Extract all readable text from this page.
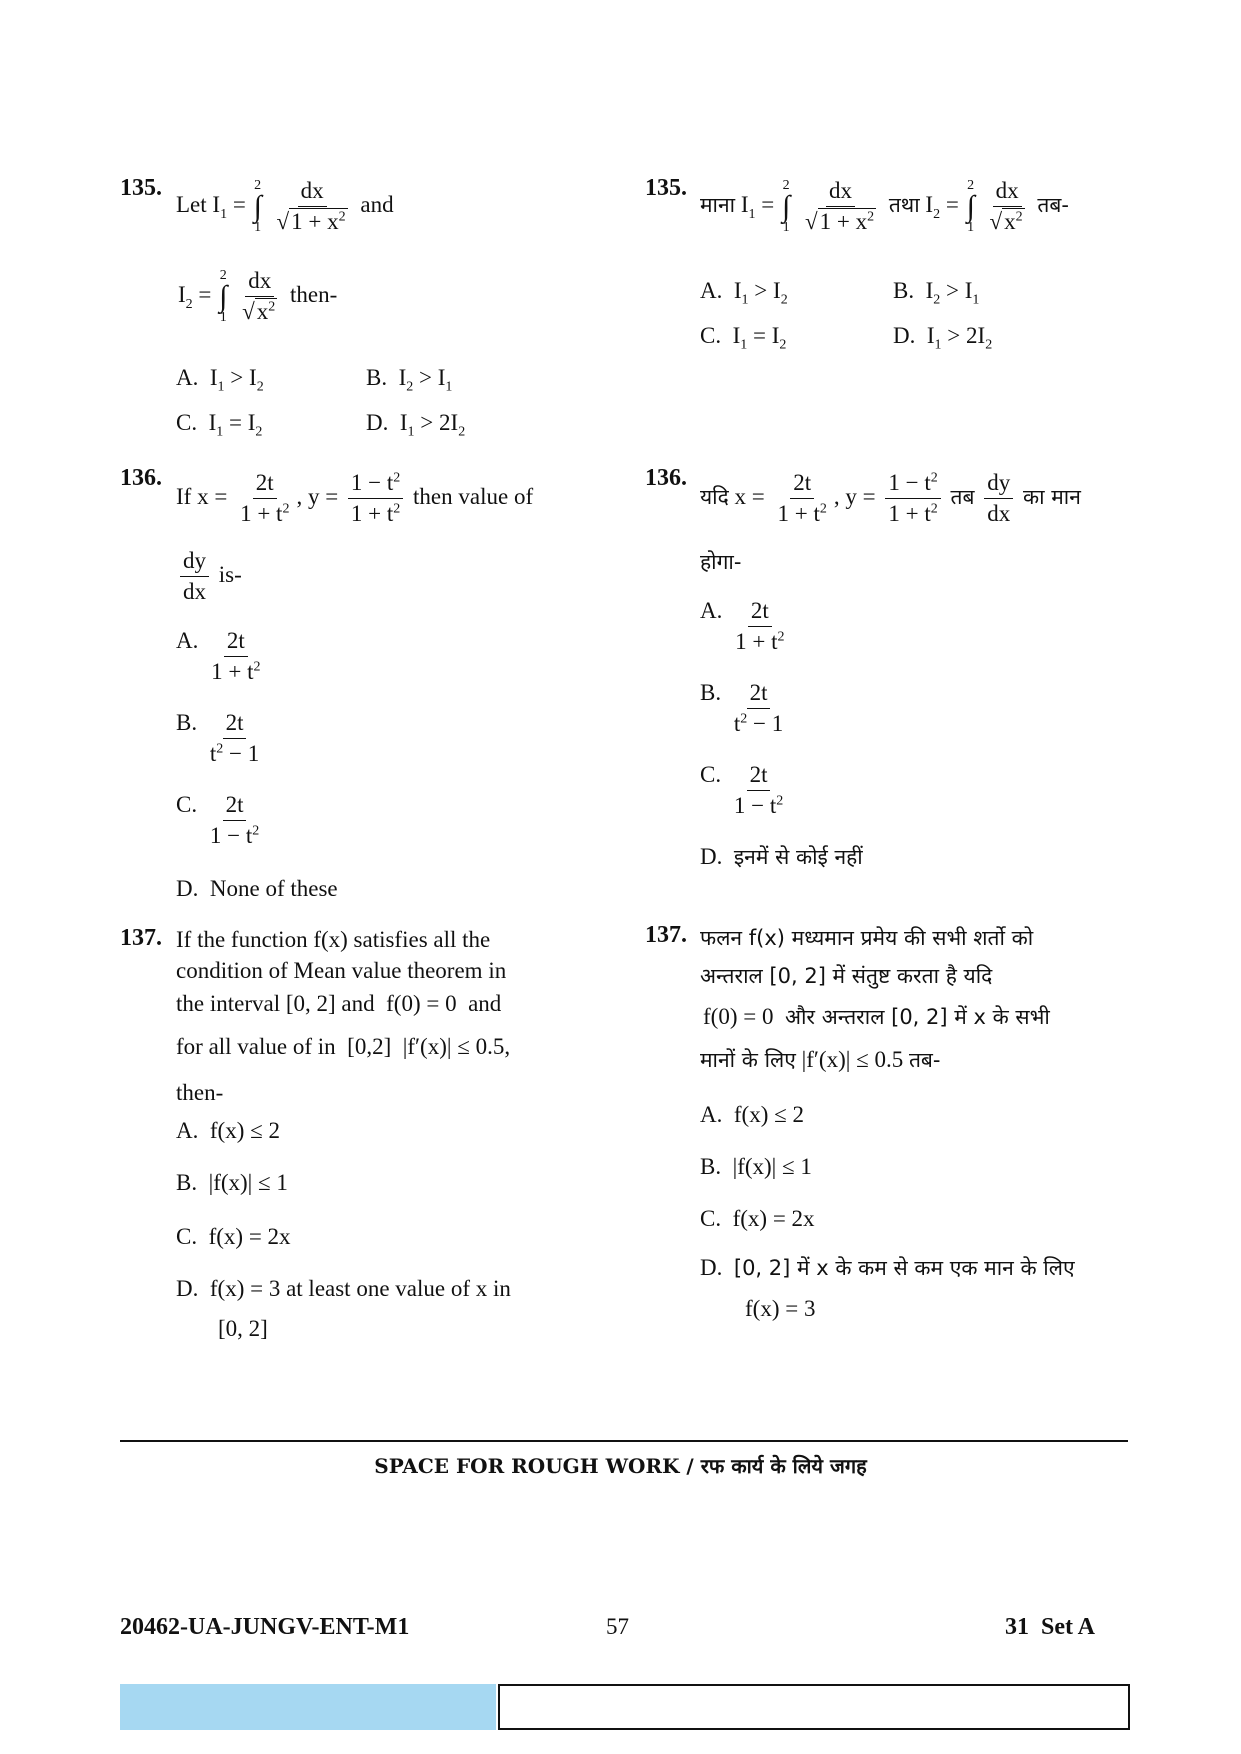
135.
Let $I_1$ =
2
∫
1
$\frac{dx}{√1 + x^2}$ and
$I_2$ =
2
∫
1
$\frac{dx}{√x^2}$ then-
A.  $I_1 > I_2$	B.  $I_2 > I_1$
C.  $I_1 = I_2$	D.  $I_1 > 2I_2$
135.
माना $I_1$ =
2
∫
1
$\frac{dx}{√1 + x^2}$ तथा $I_2$ =
2
∫
1
$\frac{dx}{√x^2}$ तब-
A.  $I_1 > I_2$	B.  $I_2 > I_1$
C.  $I_1 = I_2$	D.  $I_1 > 2I_2$
136.
If $x = \frac{2t}{1 + t^2}$ , $y = \frac{1 - t^2}{1 + t^2}$ then value of
$\frac{dy}{dx} is-$
A. $\frac{2t}{1 + t^2}$
B. $\frac{2t}{t^2 - 1}$
C. $\frac{2t}{1 - t^2}$
D. None of these
136.
यदि $x = \frac{2t}{1 + t^2}$ , $y = \frac{1 - t^2}{1 + t^2}$ तब $\frac{dy}{dx}$ का मान
होगा-
A. $\frac{2t}{1 + t^2}$
B. $\frac{2t}{t^2 - 1}$
C. $\frac{2t}{1 - t^2}$
D. इनमें से कोई नहीं
137. If the function f(x) satisfies all the
condition of Mean value theorem in
the interval [0, 2] and  f(0) = 0  and
for all value of in  [0,2]  |f′(x)| ≤ 0.5,
then-
A.  f(x) ≤ 2
B.  |f(x)| ≤ 1
C.  f(x) = 2x
D.  f(x) = 3 at least one value of x in
[0, 2]
137. फलन f(x) मध्यमान प्रमेय की सभी शर्तो को
अन्तराल [0, 2] में संतुष्ट करता है यदि
f(0) = 0  और अन्तराल [0, 2] में x के सभी
मानों के लिए |f′(x)| ≤ 0.5 तब-
A.  f(x) ≤ 2
B.  |f(x)| ≤ 1
C.  f(x) = 2x
D. [0, 2] में x के कम से कम एक मान के लिए
f(x) = 3
SPACE FOR ROUGH WORK / रफ कार्य के लिये जगह
20462-UA-JUNGV-ENT-M1	57	31  Set A
